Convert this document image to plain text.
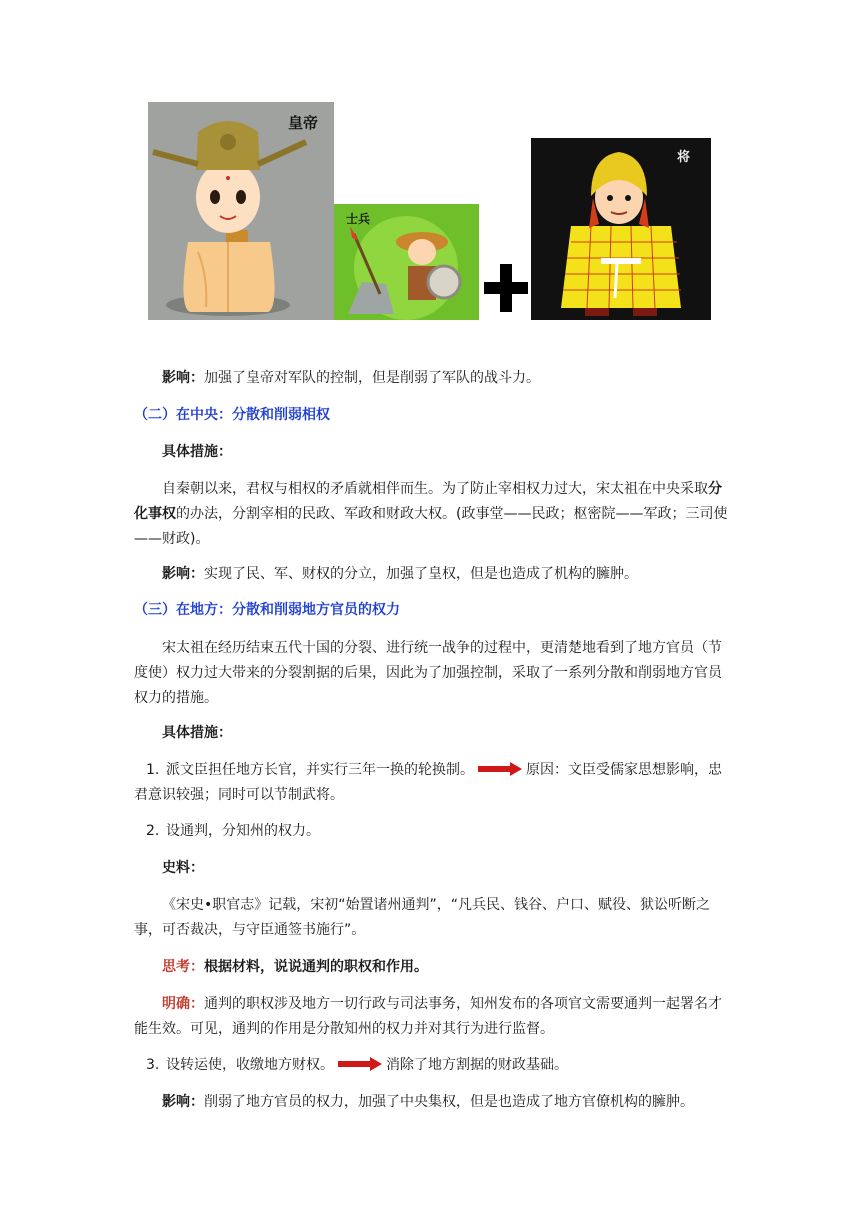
皇帝
士兵
将

影响：加强了皇帝对军队的控制，但是削弱了军队的战斗力。

（二）在中央：分散和削弱相权

具体措施：

自秦朝以来，君权与相权的矛盾就相伴而生。为了防止宰相权力过大，宋太祖在中央采取分化事权的办法，分割宰相的民政、军政和财政大权。(政事堂——民政；枢密院——军政；三司使——财政)。

影响：实现了民、军、财权的分立，加强了皇权，但是也造成了机构的臃肿。

（三）在地方：分散和削弱地方官员的权力

宋太祖在经历结束五代十国的分裂、进行统一战争的过程中，更清楚地看到了地方官员（节度使）权力过大带来的分裂割据的后果，因此为了加强控制，采取了一系列分散和削弱地方官员权力的措施。

具体措施：

1. 派文臣担任地方长官，并实行三年一换的轮换制。	原因：文臣受儒家思想影响，忠君意识较强；同时可以节制武将。

2. 设通判，分知州的权力。

史料：

《宋史•职官志》记载，宋初“始置诸州通判”，“凡兵民、钱谷、户口、赋役、狱讼听断之事，可否裁决，与守臣通签书施行”。

思考：根据材料，说说通判的职权和作用。

明确：通判的职权涉及地方一切行政与司法事务，知州发布的各项官文需要通判一起署名才能生效。可见，通判的作用是分散知州的权力并对其行为进行监督。

3. 设转运使，收缴地方财权。	消除了地方割据的财政基础。

影响：削弱了地方官员的权力，加强了中央集权，但是也造成了地方官僚机构的臃肿。
